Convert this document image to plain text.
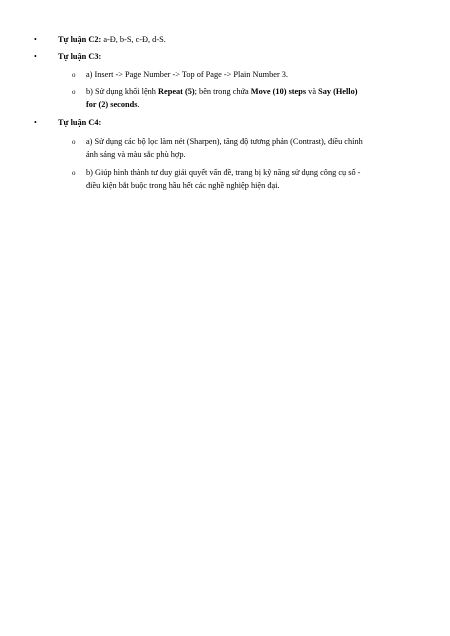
•	Tự luận C2: a-Đ, b-S, c-Đ, d-S.
•	Tự luận C3:
o a) Insert -> Page Number -> Top of Page -> Plain Number 3.
o b) Sử dụng khối lệnh Repeat (5); bên trong chứa Move (10) steps và Say (Hello)
for (2) seconds.
•	Tự luận C4:
o a) Sử dụng các bộ lọc làm nét (Sharpen), tăng độ tương phản (Contrast), điều chỉnh
ánh sáng và màu sắc phù hợp.
o b) Giúp hình thành tư duy giải quyết vấn đề, trang bị kỹ năng sử dụng công cụ số -
điều kiện bắt buộc trong hầu hết các nghề nghiệp hiện đại.
